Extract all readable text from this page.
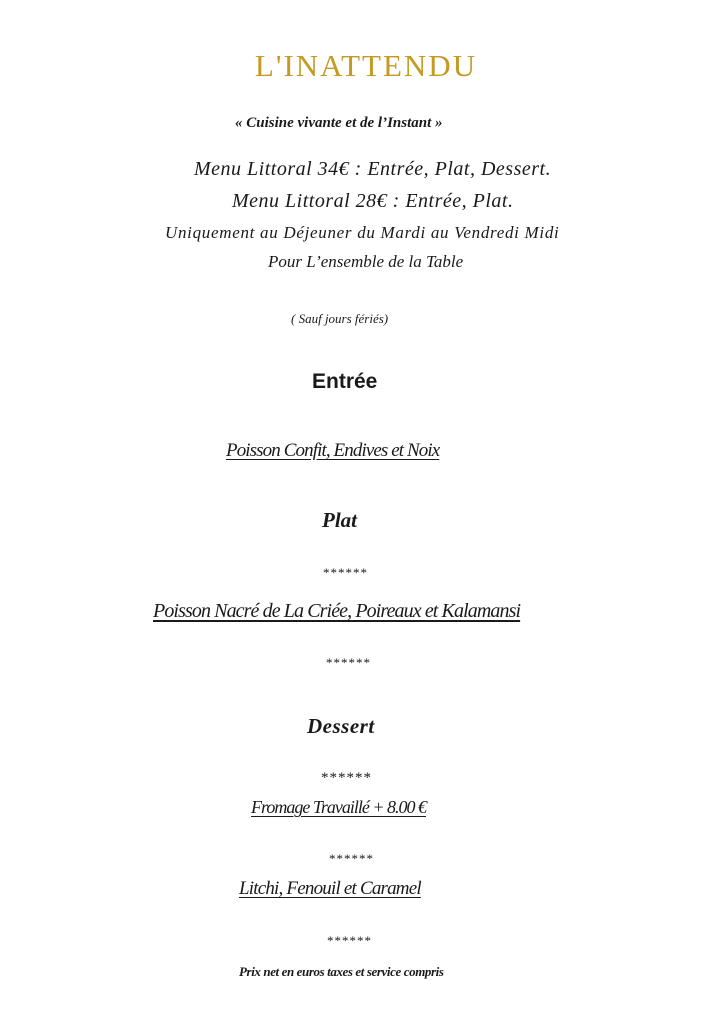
L'INATTENDU
« Cuisine vivante et de l’Instant »
Menu Littoral 34€ : Entrée, Plat, Dessert.
Menu Littoral 28€ : Entrée, Plat.
Uniquement au Déjeuner du Mardi au Vendredi Midi
Pour L’ensemble de la Table
( Sauf jours fériés)
Entrée
Poisson Confit, Endives et Noix
Plat
******
Poisson Nacré de La Criée, Poireaux et Kalamansi
******
Dessert
******
Fromage Travaillé + 8.00 €
******
Litchi, Fenouil et Caramel
******
Prix net en euros taxes et service compris
